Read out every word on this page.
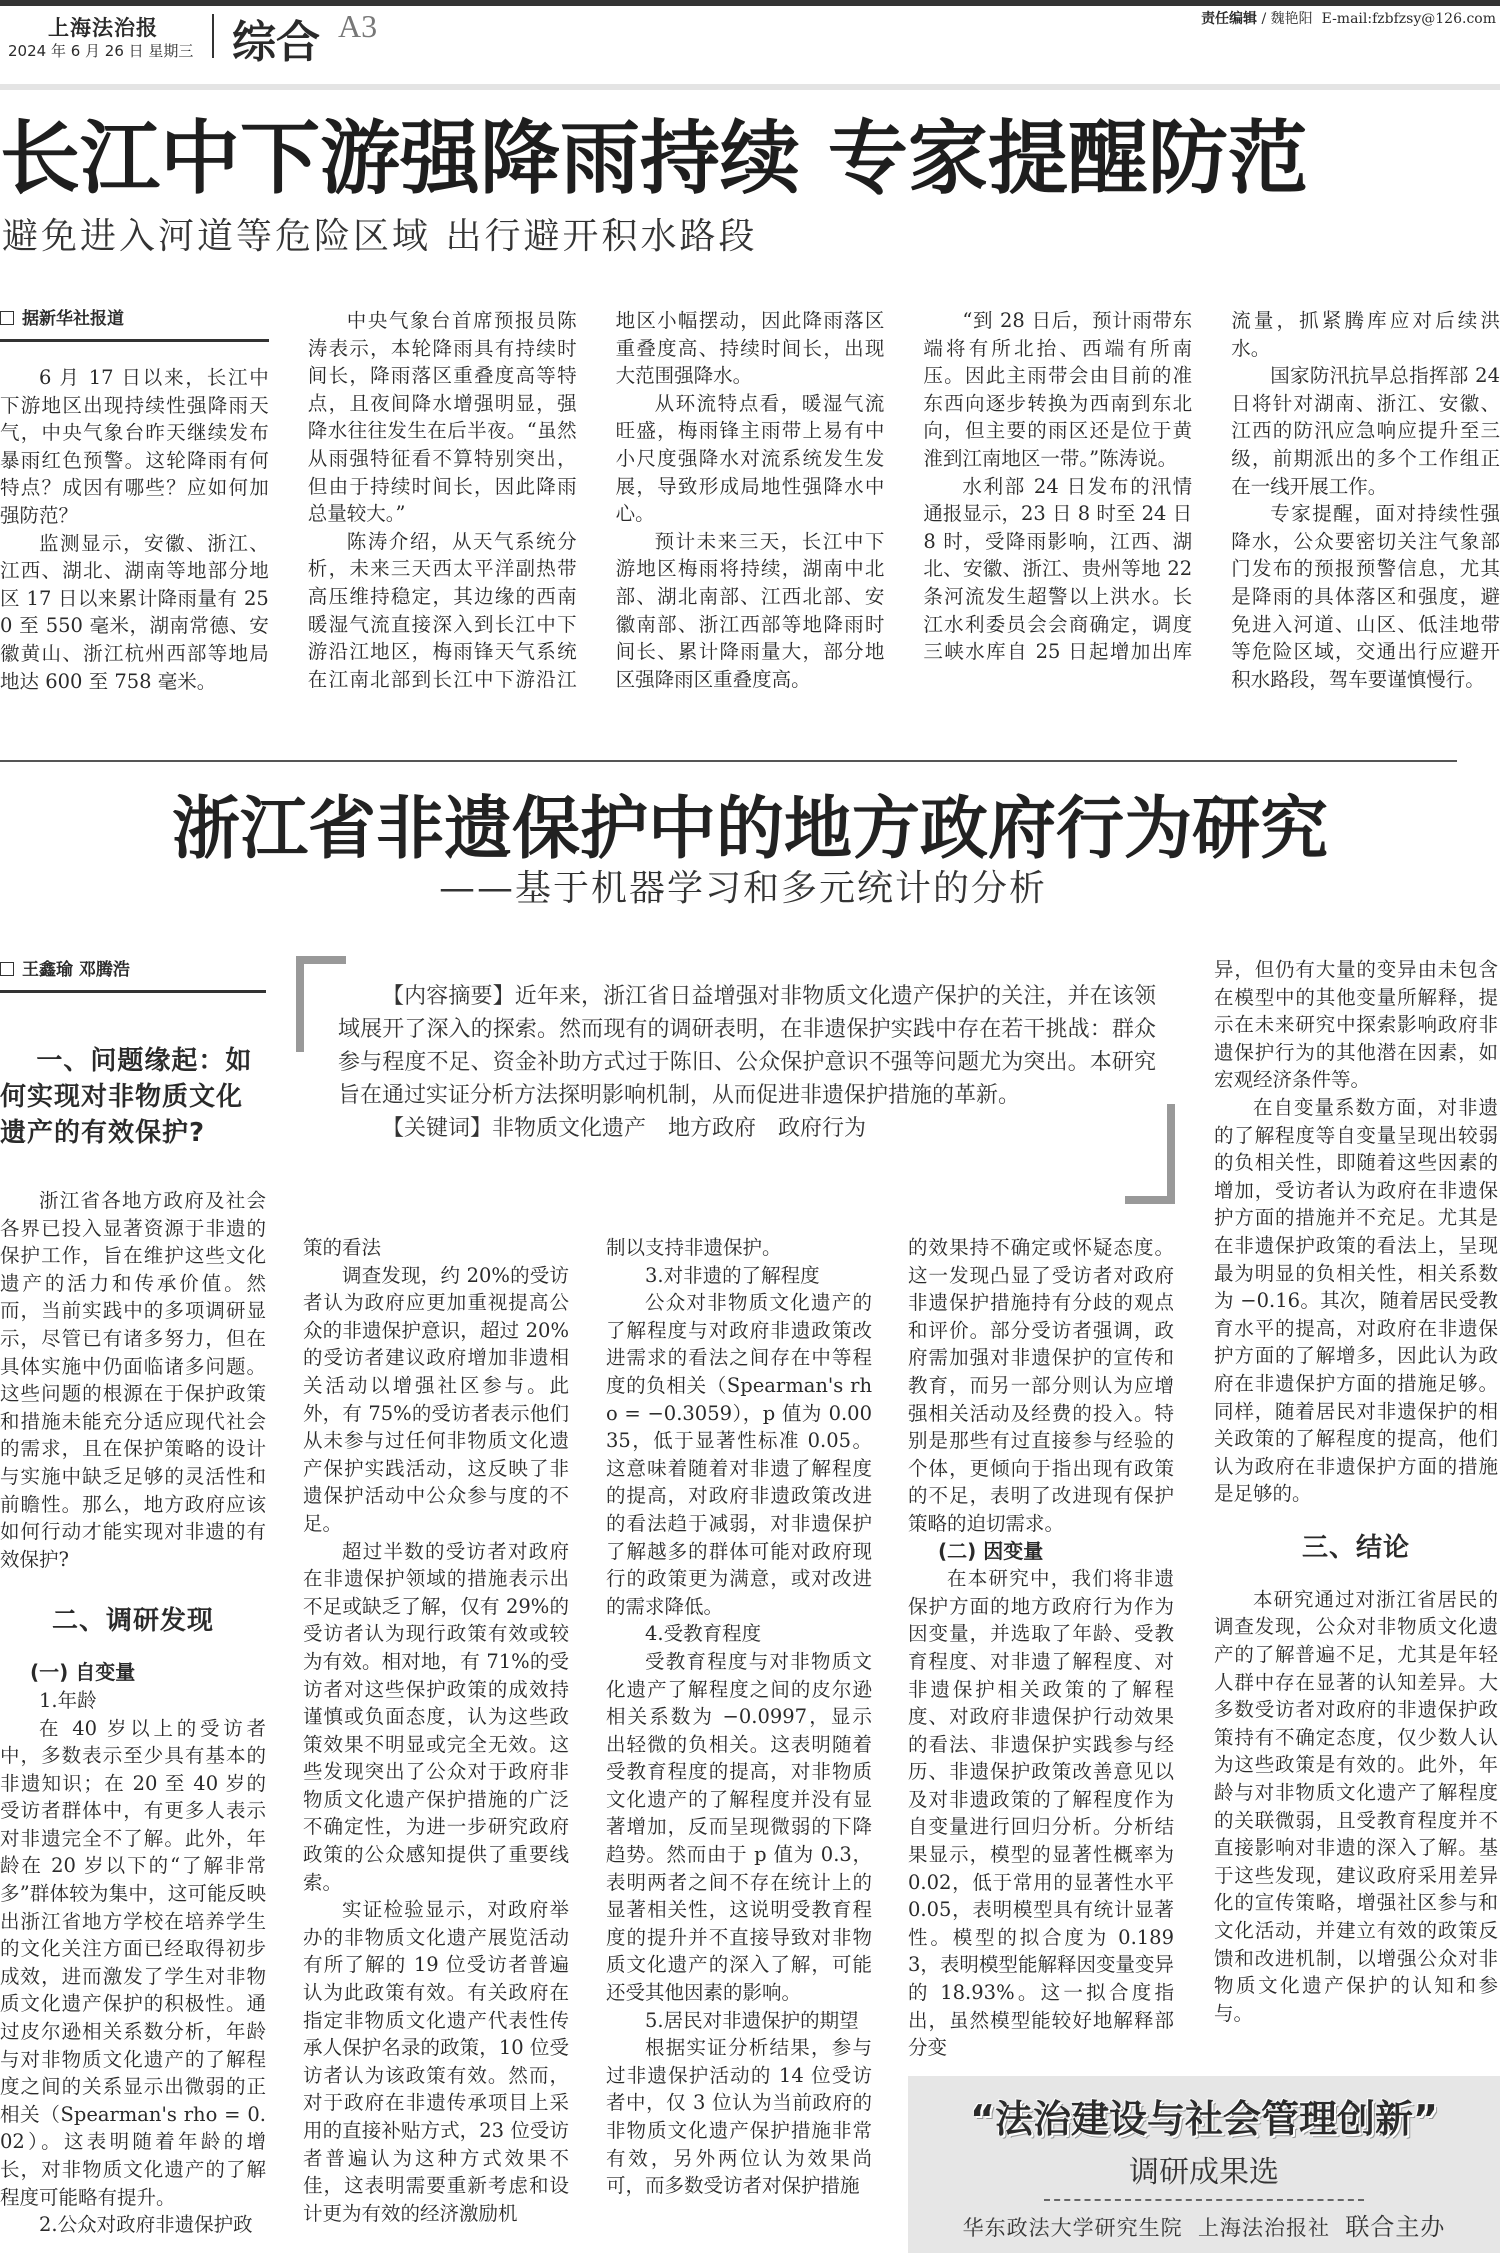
上海法治报
2024 年 6 月 26 日 星期三 综合 A3	责任编辑 / 魏艳阳 E-mail:fzbfzsy@126.com
长江中下游强降雨持续 专家提醒防范
避免进入河道等危险区域 出行避开积水路段
据新华社报道

6 月 17 日以来，长江中下游地区出现持续性强降雨天气，中央气象台昨天继续发布暴雨红色预警。这轮降雨有何特点？成因有哪些？应如何加强防范？

监测显示，安徽、浙江、江西、湖北、湖南等地部分地区 17 日以来累计降雨量有 250 至 550 毫米，湖南常德、安徽黄山、浙江杭州西部等地局地达 600 至 758 毫米。

中央气象台首席预报员陈涛表示，本轮降雨具有持续时间长，降雨落区重叠度高等特点，且夜间降水增强明显，强降水往往发生在后半夜。“虽然从雨强特征看不算特别突出，但由于持续时间长，因此降雨总量较大。”

陈涛介绍，从天气系统分析，未来三天西太平洋副热带高压维持稳定，其边缘的西南暖湿气流直接深入到长江中下游沿江地区，梅雨锋天气系统在江南北部到长江中下游沿江地区小幅摆动，因此降雨落区重叠度高、持续时间长，出现大范围强降水。

从环流特点看，暖湿气流旺盛，梅雨锋主雨带上易有中小尺度强降水对流系统发生发展，导致形成局地性强降水中心。

预计未来三天，长江中下游地区梅雨将持续，湖南中北部、湖北南部、江西北部、安徽南部、浙江西部等地降雨时间长、累计降雨量大，部分地区强降雨区重叠度高。

“到 28 日后，预计雨带东端将有所北抬、西端有所南压。因此主雨带会由目前的准东西向逐步转换为西南到东北向，但主要的雨区还是位于黄淮到江南地区一带。”陈涛说。

水利部 24 日发布的汛情通报显示，23 日 8 时至 24 日 8 时，受降雨影响，江西、湖北、安徽、浙江、贵州等地 22 条河流发生超警以上洪水。长江水利委员会会商确定，调度三峡水库自 25 日起增加出库流量，抓紧腾库应对后续洪水。

国家防汛抗旱总指挥部 24 日将针对湖南、浙江、安徽、江西的防汛应急响应提升至三级，前期派出的多个工作组正在一线开展工作。

专家提醒，面对持续性强降水，公众要密切关注气象部门发布的预报预警信息，尤其是降雨的具体落区和强度，避免进入河道、山区、低洼地带等危险区域，交通出行应避开积水路段，驾车要谨慎慢行。

浙江省非遗保护中的地方政府行为研究
——基于机器学习和多元统计的分析
王鑫瑜 邓腾浩
一、问题缘起：如何实现对非物质文化遗产的有效保护?

浙江省各地方政府及社会各界已投入显著资源于非遗的保护工作，旨在维护这些文化遗产的活力和传承价值。然而，当前实践中的多项调研显示，尽管已有诸多努力，但在具体实施中仍面临诸多问题。这些问题的根源在于保护政策和措施未能充分适应现代社会的需求，且在保护策略的设计与实施中缺乏足够的灵活性和前瞻性。那么，地方政府应该如何行动才能实现对非遗的有效保护?

二、调研发现
(一) 自变量

1.年龄

在 40 岁以上的受访者中，多数表示至少具有基本的非遗知识；在 20 至 40 岁的受访者群体中，有更多人表示对非遗完全不了解。此外，年龄在 20 岁以下的“了解非常多”群体较为集中，这可能反映出浙江省地方学校在培养学生的文化关注方面已经取得初步成效，进而激发了学生对非物质文化遗产保护的积极性。通过皮尔逊相关系数分析，年龄与对非物质文化遗产的了解程度之间的关系显示出微弱的正相关（Spearman's rho = 0.02）。这表明随着年龄的增长，对非物质文化遗产的了解程度可能略有提升。

2.公众对政府非遗保护政

【内容摘要】近年来，浙江省日益增强对非物质文化遗产保护的关注，并在该领域展开了深入的探索。然而现有的调研表明，在非遗保护实践中存在若干挑战：群众参与程度不足、资金补助方式过于陈旧、公众保护意识不强等问题尤为突出。本研究旨在通过实证分析方法探明影响机制，从而促进非遗保护措施的革新。

【关键词】非物质文化遗产　地方政府　政府行为

策的看法

调查发现，约 20%的受访者认为政府应更加重视提高公众的非遗保护意识，超过 20%的受访者建议政府增加非遗相关活动以增强社区参与。此外，有 75%的受访者表示他们从未参与过任何非物质文化遗产保护实践活动，这反映了非遗保护活动中公众参与度的不足。

超过半数的受访者对政府在非遗保护领域的措施表示出不足或缺乏了解，仅有 29%的受访者认为现行政策有效或较为有效。相对地，有 71%的受访者对这些保护政策的成效持谨慎或负面态度，认为这些政策效果不明显或完全无效。这些发现突出了公众对于政府非物质文化遗产保护措施的广泛不确定性，为进一步研究政府政策的公众感知提供了重要线索。

实证检验显示，对政府举办的非物质文化遗产展览活动有所了解的 19 位受访者普遍认为此政策有效。有关政府在指定非物质文化遗产代表性传承人保护名录的政策，10 位受访者认为该政策有效。然而，对于政府在非遗传承项目上采用的直接补贴方式，23 位受访者普遍认为这种方式效果不佳，这表明需要重新考虑和设计更为有效的经济激励机

制以支持非遗保护。

3.对非遗的了解程度

公众对非物质文化遗产的了解程度与对政府非遗政策改进需求的看法之间存在中等程度的负相关（Spearman's rho = −0.3059），p 值为 0.0035，低于显著性标准 0.05。这意味着随着对非遗了解程度的提高，对政府非遗政策改进的看法趋于减弱，对非遗保护了解越多的群体可能对政府现行的政策更为满意，或对改进的需求降低。

4.受教育程度

受教育程度与对非物质文化遗产了解程度之间的皮尔逊相关系数为 −0.0997，显示出轻微的负相关。这表明随着受教育程度的提高，对非物质文化遗产的了解程度并没有显著增加，反而呈现微弱的下降趋势。然而由于 p 值为 0.3，表明两者之间不存在统计上的显著相关性，这说明受教育程度的提升并不直接导致对非物质文化遗产的深入了解，可能还受其他因素的影响。

5.居民对非遗保护的期望

根据实证分析结果，参与过非遗保护活动的 14 位受访者中，仅 3 位认为当前政府的非物质文化遗产保护措施非常有效，另外两位认为效果尚可，而多数受访者对保护措施

的效果持不确定或怀疑态度。这一发现凸显了受访者对政府非遗保护措施持有分歧的观点和评价。部分受访者强调，政府需加强对非遗保护的宣传和教育，而另一部分则认为应增强相关活动及经费的投入。特别是那些有过直接参与经验的个体，更倾向于指出现有政策的不足，表明了改进现有保护策略的迫切需求。

(二) 因变量

在本研究中，我们将非遗保护方面的地方政府行为作为因变量，并选取了年龄、受教育程度、对非遗了解程度、对非遗保护相关政策的了解程度、对政府非遗保护行动效果的看法、非遗保护实践参与经历、非遗保护政策改善意见以及对非遗政策的了解程度作为自变量进行回归分析。分析结果显示，模型的显著性概率为 0.02，低于常用的显著性水平 0.05，表明模型具有统计显著性。模型的拟合度为 0.1893，表明模型能解释因变量变异的 18.93%。这一拟合度指出，虽然模型能较好地解释部分变

异，但仍有大量的变异由未包含在模型中的其他变量所解释，提示在未来研究中探索影响政府非遗保护行为的其他潜在因素，如宏观经济条件等。

在自变量系数方面，对非遗的了解程度等自变量呈现出较弱的负相关性，即随着这些因素的增加，受访者认为政府在非遗保护方面的措施并不充足。尤其是在非遗保护政策的看法上，呈现最为明显的负相关性，相关系数为 −0.16。其次，随着居民受教育水平的提高，对政府在非遗保护方面的了解增多，因此认为政府在非遗保护方面的措施足够。同样，随着居民对非遗保护的相关政策的了解程度的提高，他们认为政府在非遗保护方面的措施是足够的。

三、结论

本研究通过对浙江省居民的调查发现，公众对非物质文化遗产的了解普遍不足，尤其是年轻人群中存在显著的认知差异。大多数受访者对政府的非遗保护政策持有不确定态度，仅少数人认为这些政策是有效的。此外，年龄与对非物质文化遗产了解程度的关联微弱，且受教育程度并不直接影响对非遗的深入了解。基于这些发现，建议政府采用差异化的宣传策略，增强社区参与和文化活动，并建立有效的政策反馈和改进机制，以增强公众对非物质文化遗产保护的认知和参与。

“法治建设与社会管理创新”
调研成果选
华东政法大学研究生院 上海法治报社 联合主办
